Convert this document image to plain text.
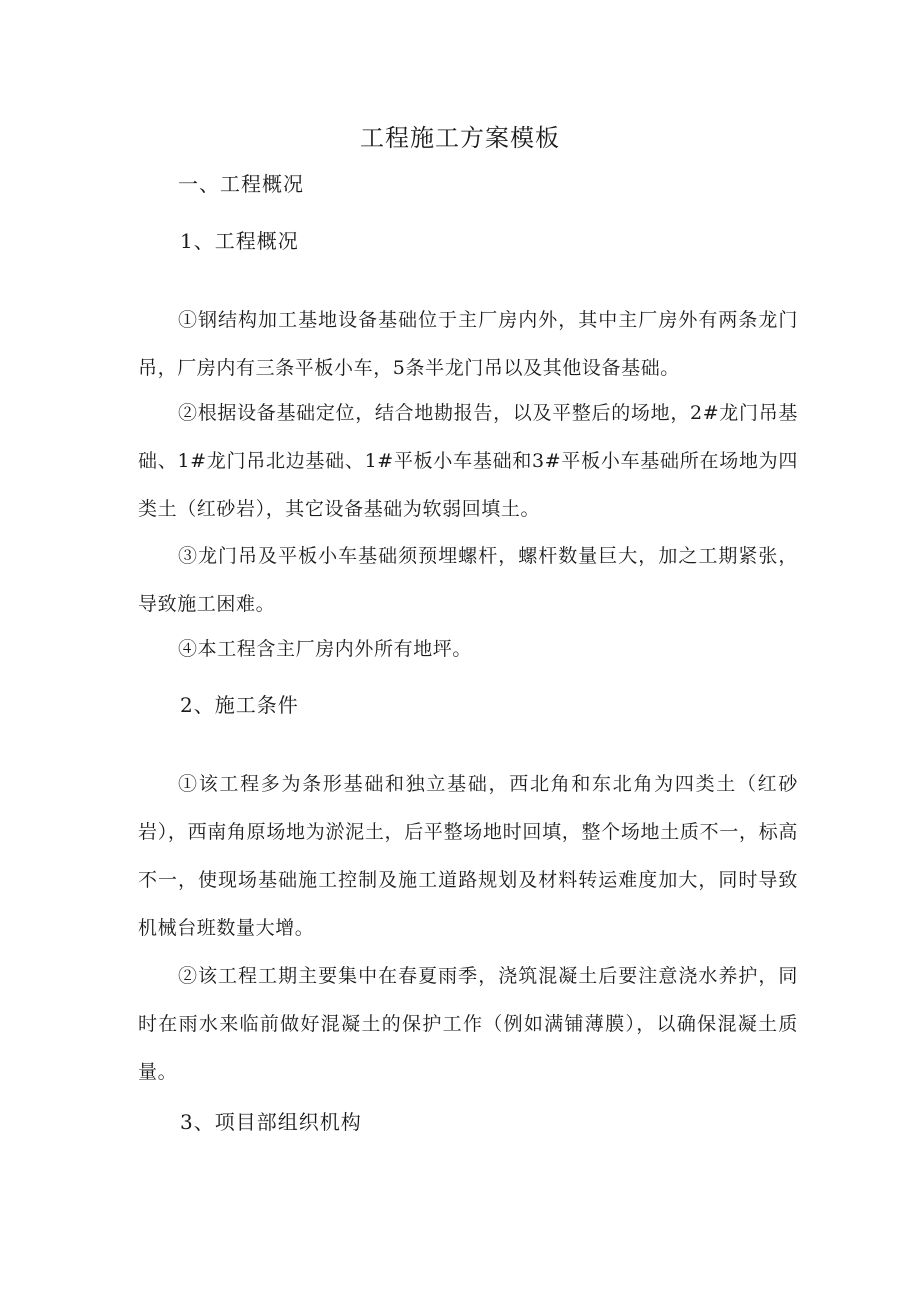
工程施工方案模板
一、工程概况
1、工程概况

①钢结构加工基地设备基础位于主厂房内外，其中主厂房外有两条龙门吊，厂房内有三条平板小车，5条半龙门吊以及其他设备基础。

②根据设备基础定位，结合地勘报告，以及平整后的场地，2#龙门吊基础、1#龙门吊北边基础、1#平板小车基础和3#平板小车基础所在场地为四类土（红砂岩），其它设备基础为软弱回填土。

③龙门吊及平板小车基础须预埋螺杆，螺杆数量巨大，加之工期紧张，导致施工困难。

④本工程含主厂房内外所有地坪。

2、施工条件

①该工程多为条形基础和独立基础，西北角和东北角为四类土（红砂岩），西南角原场地为淤泥土，后平整场地时回填，整个场地土质不一，标高不一，使现场基础施工控制及施工道路规划及材料转运难度加大，同时导致机械台班数量大增。

②该工程工期主要集中在春夏雨季，浇筑混凝土后要注意浇水养护，同时在雨水来临前做好混凝土的保护工作（例如满铺薄膜），以确保混凝土质量。

3、项目部组织机构
